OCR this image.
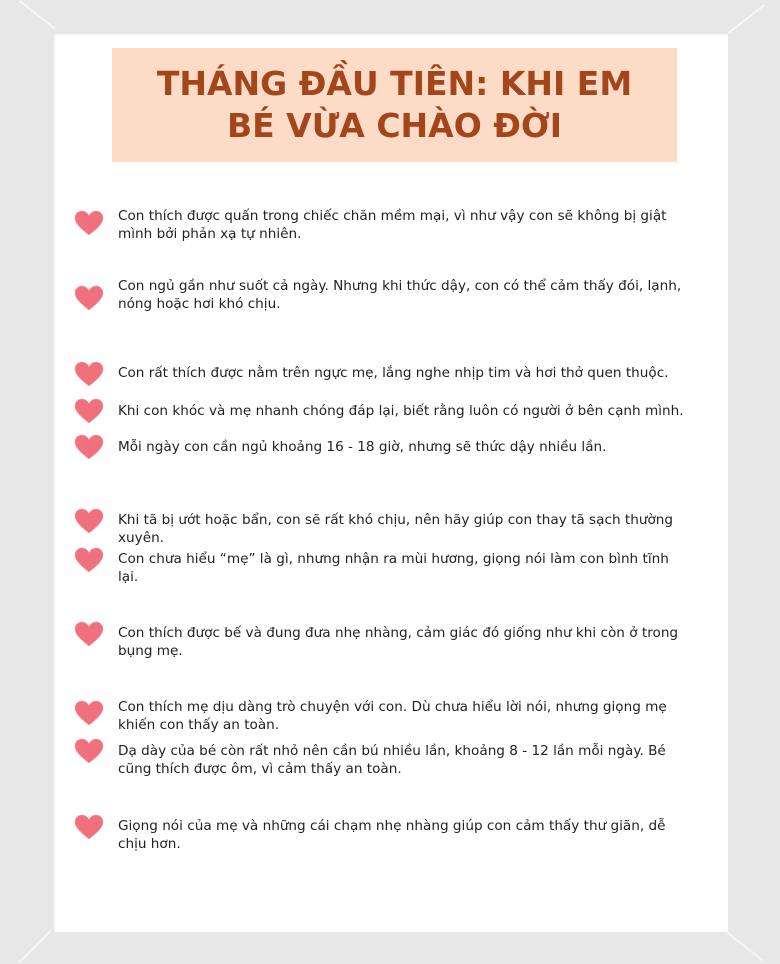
THÁNG ĐẦU TIÊN: KHI EM BÉ VỪA CHÀO ĐỜI
Con thích được quấn trong chiếc chăn mềm mại, vì như vậy con sẽ không bị giật mình bởi phản xạ tự nhiên.
Con ngủ gần như suốt cả ngày. Nhưng khi thức dậy, con có thể cảm thấy đói, lạnh, nóng hoặc hơi khó chịu.
Con rất thích được nằm trên ngực mẹ, lắng nghe nhịp tim và hơi thở quen thuộc.
Khi con khóc và mẹ nhanh chóng đáp lại, biết rằng luôn có người ở bên cạnh mình.
Mỗi ngày con cần ngủ khoảng 16 - 18 giờ, nhưng sẽ thức dậy nhiều lần.
Khi tã bị ướt hoặc bẩn, con sẽ rất khó chịu, nên hãy giúp con thay tã sạch thường xuyên.
Con chưa hiểu “mẹ” là gì, nhưng nhận ra mùi hương, giọng nói làm con bình tĩnh lại.
Con thích được bế và đung đưa nhẹ nhàng, cảm giác đó giống như khi còn ở trong bụng mẹ.
Con thích mẹ dịu dàng trò chuyện với con. Dù chưa hiểu lời nói, nhưng giọng mẹ khiến con thấy an toàn.
Dạ dày của bé còn rất nhỏ nên cần bú nhiều lần, khoảng 8 - 12 lần mỗi ngày. Bé cũng thích được ôm, vì cảm thấy an toàn.
Giọng nói của mẹ và những cái chạm nhẹ nhàng giúp con cảm thấy thư giãn, dễ chịu hơn.
